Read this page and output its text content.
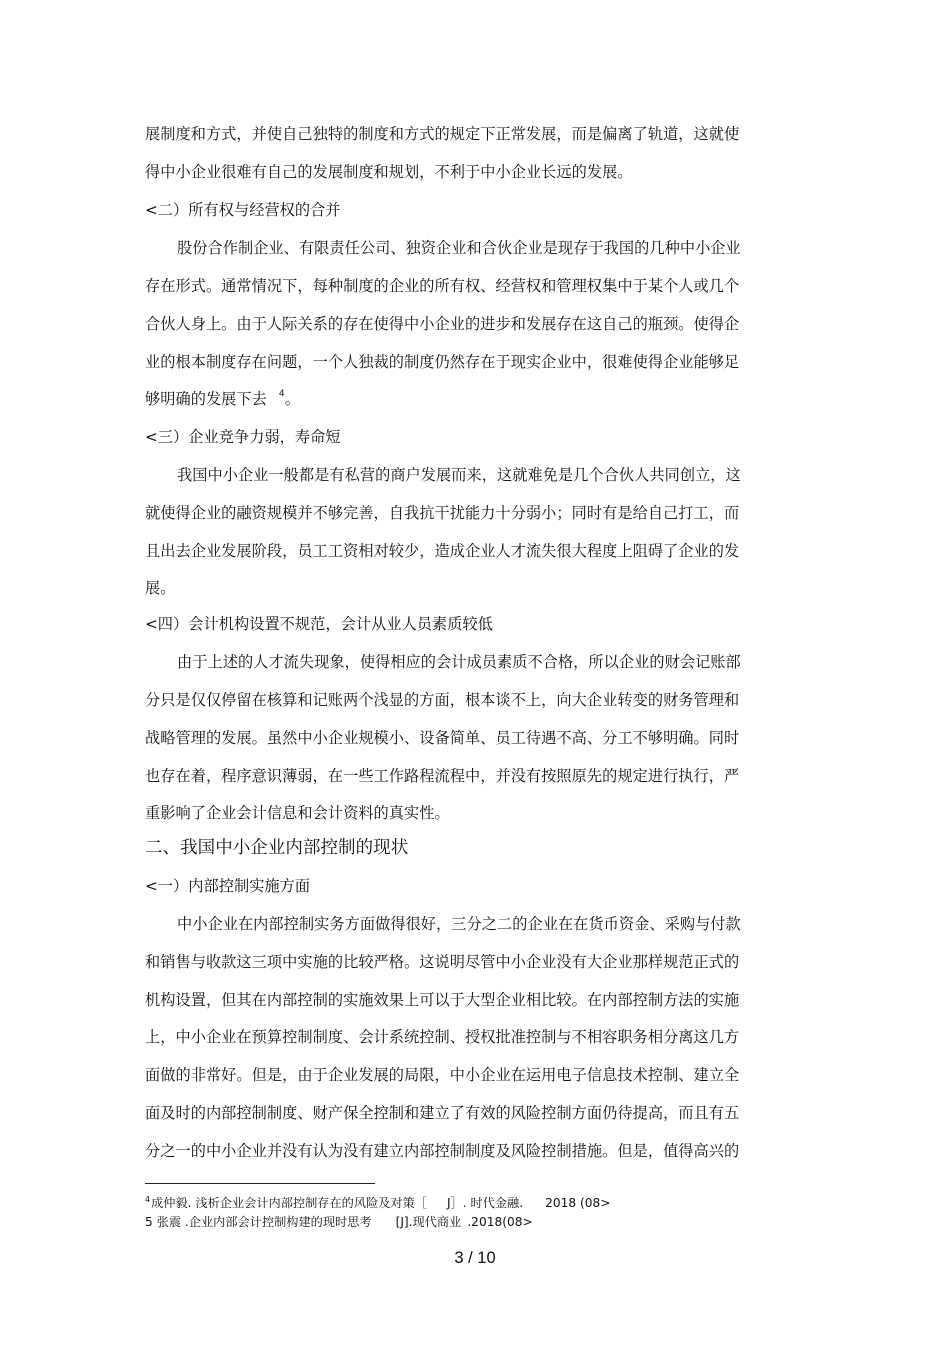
展制度和方式，并使自己独特的制度和方式的规定下正常发展，而是偏离了轨道，这就使
得中小企业很难有自己的发展制度和规划，不利于中小企业长远的发展。
<二）所有权与经营权的合并
股份合作制企业、有限责任公司、独资企业和合伙企业是现存于我国的几种中小企业
存在形式。通常情况下，每种制度的企业的所有权、经营权和管理权集中于某个人或几个
合伙人身上。由于人际关系的存在使得中小企业的进步和发展存在这自己的瓶颈。使得企
业的根本制度存在问题，一个人独裁的制度仍然存在于现实企业中，很难使得企业能够足
够明确的发展下去 $^4$。
<三）企业竞争力弱，寿命短
我国中小企业一般都是有私营的商户发展而来，这就难免是几个合伙人共同创立，这
就使得企业的融资规模并不够完善，自我抗干扰能力十分弱小；同时有是给自己打工，而
且出去企业发展阶段，员工工资相对较少，造成企业人才流失很大程度上阻碍了企业的发
展。
<四）会计机构设置不规范，会计从业人员素质较低
由于上述的人才流失现象，使得相应的会计成员素质不合格，所以企业的财会记账部
分只是仅仅停留在核算和记账两个浅显的方面，根本谈不上，向大企业转变的财务管理和
战略管理的发展。虽然中小企业规模小、设备简单、员工待遇不高、分工不够明确。同时
也存在着，程序意识薄弱，在一些工作路程流程中，并没有按照原先的规定进行执行，严
重影响了企业会计信息和会计资料的真实性。
二、我国中小企业内部控制的现状
<一）内部控制实施方面
中小企业在内部控制实务方面做得很好，三分之二的企业在在货币资金、采购与付款
和销售与收款这三项中实施的比较严格。这说明尽管中小企业没有大企业那样规范正式的
机构设置，但其在内部控制的实施效果上可以于大型企业相比较。在内部控制方法的实施
上，中小企业在预算控制制度、会计系统控制、授权批准控制与不相容职务相分离这几方
面做的非常好。但是，由于企业发展的局限，中小企业在运用电子信息技术控制、建立全
面及时的内部控制制度、财产保全控制和建立了有效的风险控制方面仍待提高，而且有五
分之一的中小企业并没有认为没有建立内部控制制度及风险控制措施。但是，值得高兴的
$^4$成仲毅. 浅析企业会计内部控制存在的风险及对策［ J］. 时代金融. 2018 (08>
5 张震 .企业内部会计控制构建的现时思考 [J].现代商业 .2018(08>
3 / 10
